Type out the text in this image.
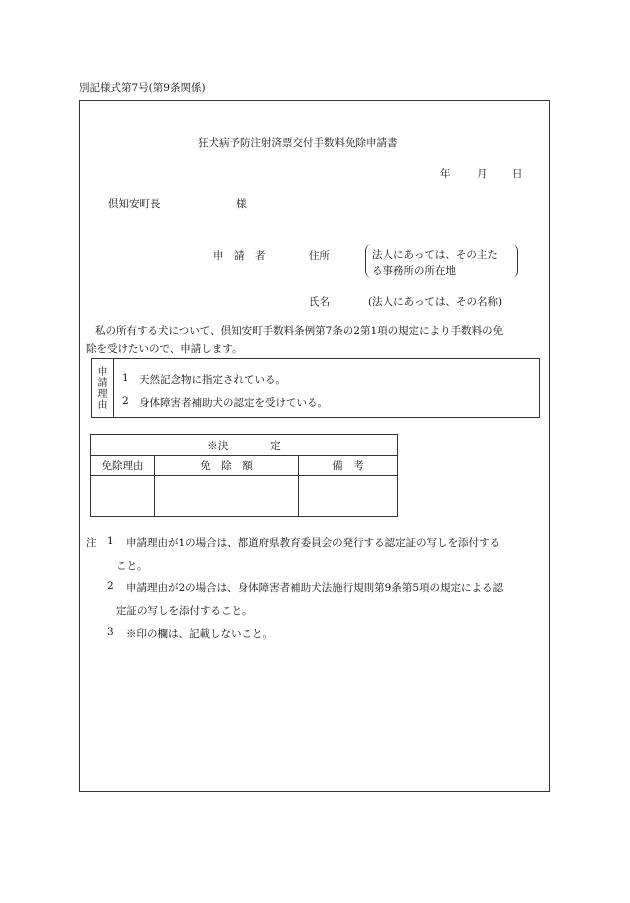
別記様式第7号(第9条関係)
狂犬病予防注射済票交付手数料免除申請書
年	月 日
倶知安町長	様
申　請　者	住所	法人にあっては、その主た
る事務所の所在地
氏名	(法人にあっては、その名称)
私の所有する犬について、倶知安町手数料条例第7条の2第1項の規定により手数料の免
除を受けたいので、申請します。
申
請
理
由
1 天然記念物に指定されている。
2 身体障害者補助犬の認定を受けている。
※決　　　　定		
免除理由	免　除　額	備　考

注 1 申請理由が1の場合は、都道府県教育委員会の発行する認定証の写しを添付する
こと。
2 申請理由が2の場合は、身体障害者補助犬法施行規則第9条第5項の規定による認
定証の写しを添付すること。
3 ※印の欄は、記載しないこと。
